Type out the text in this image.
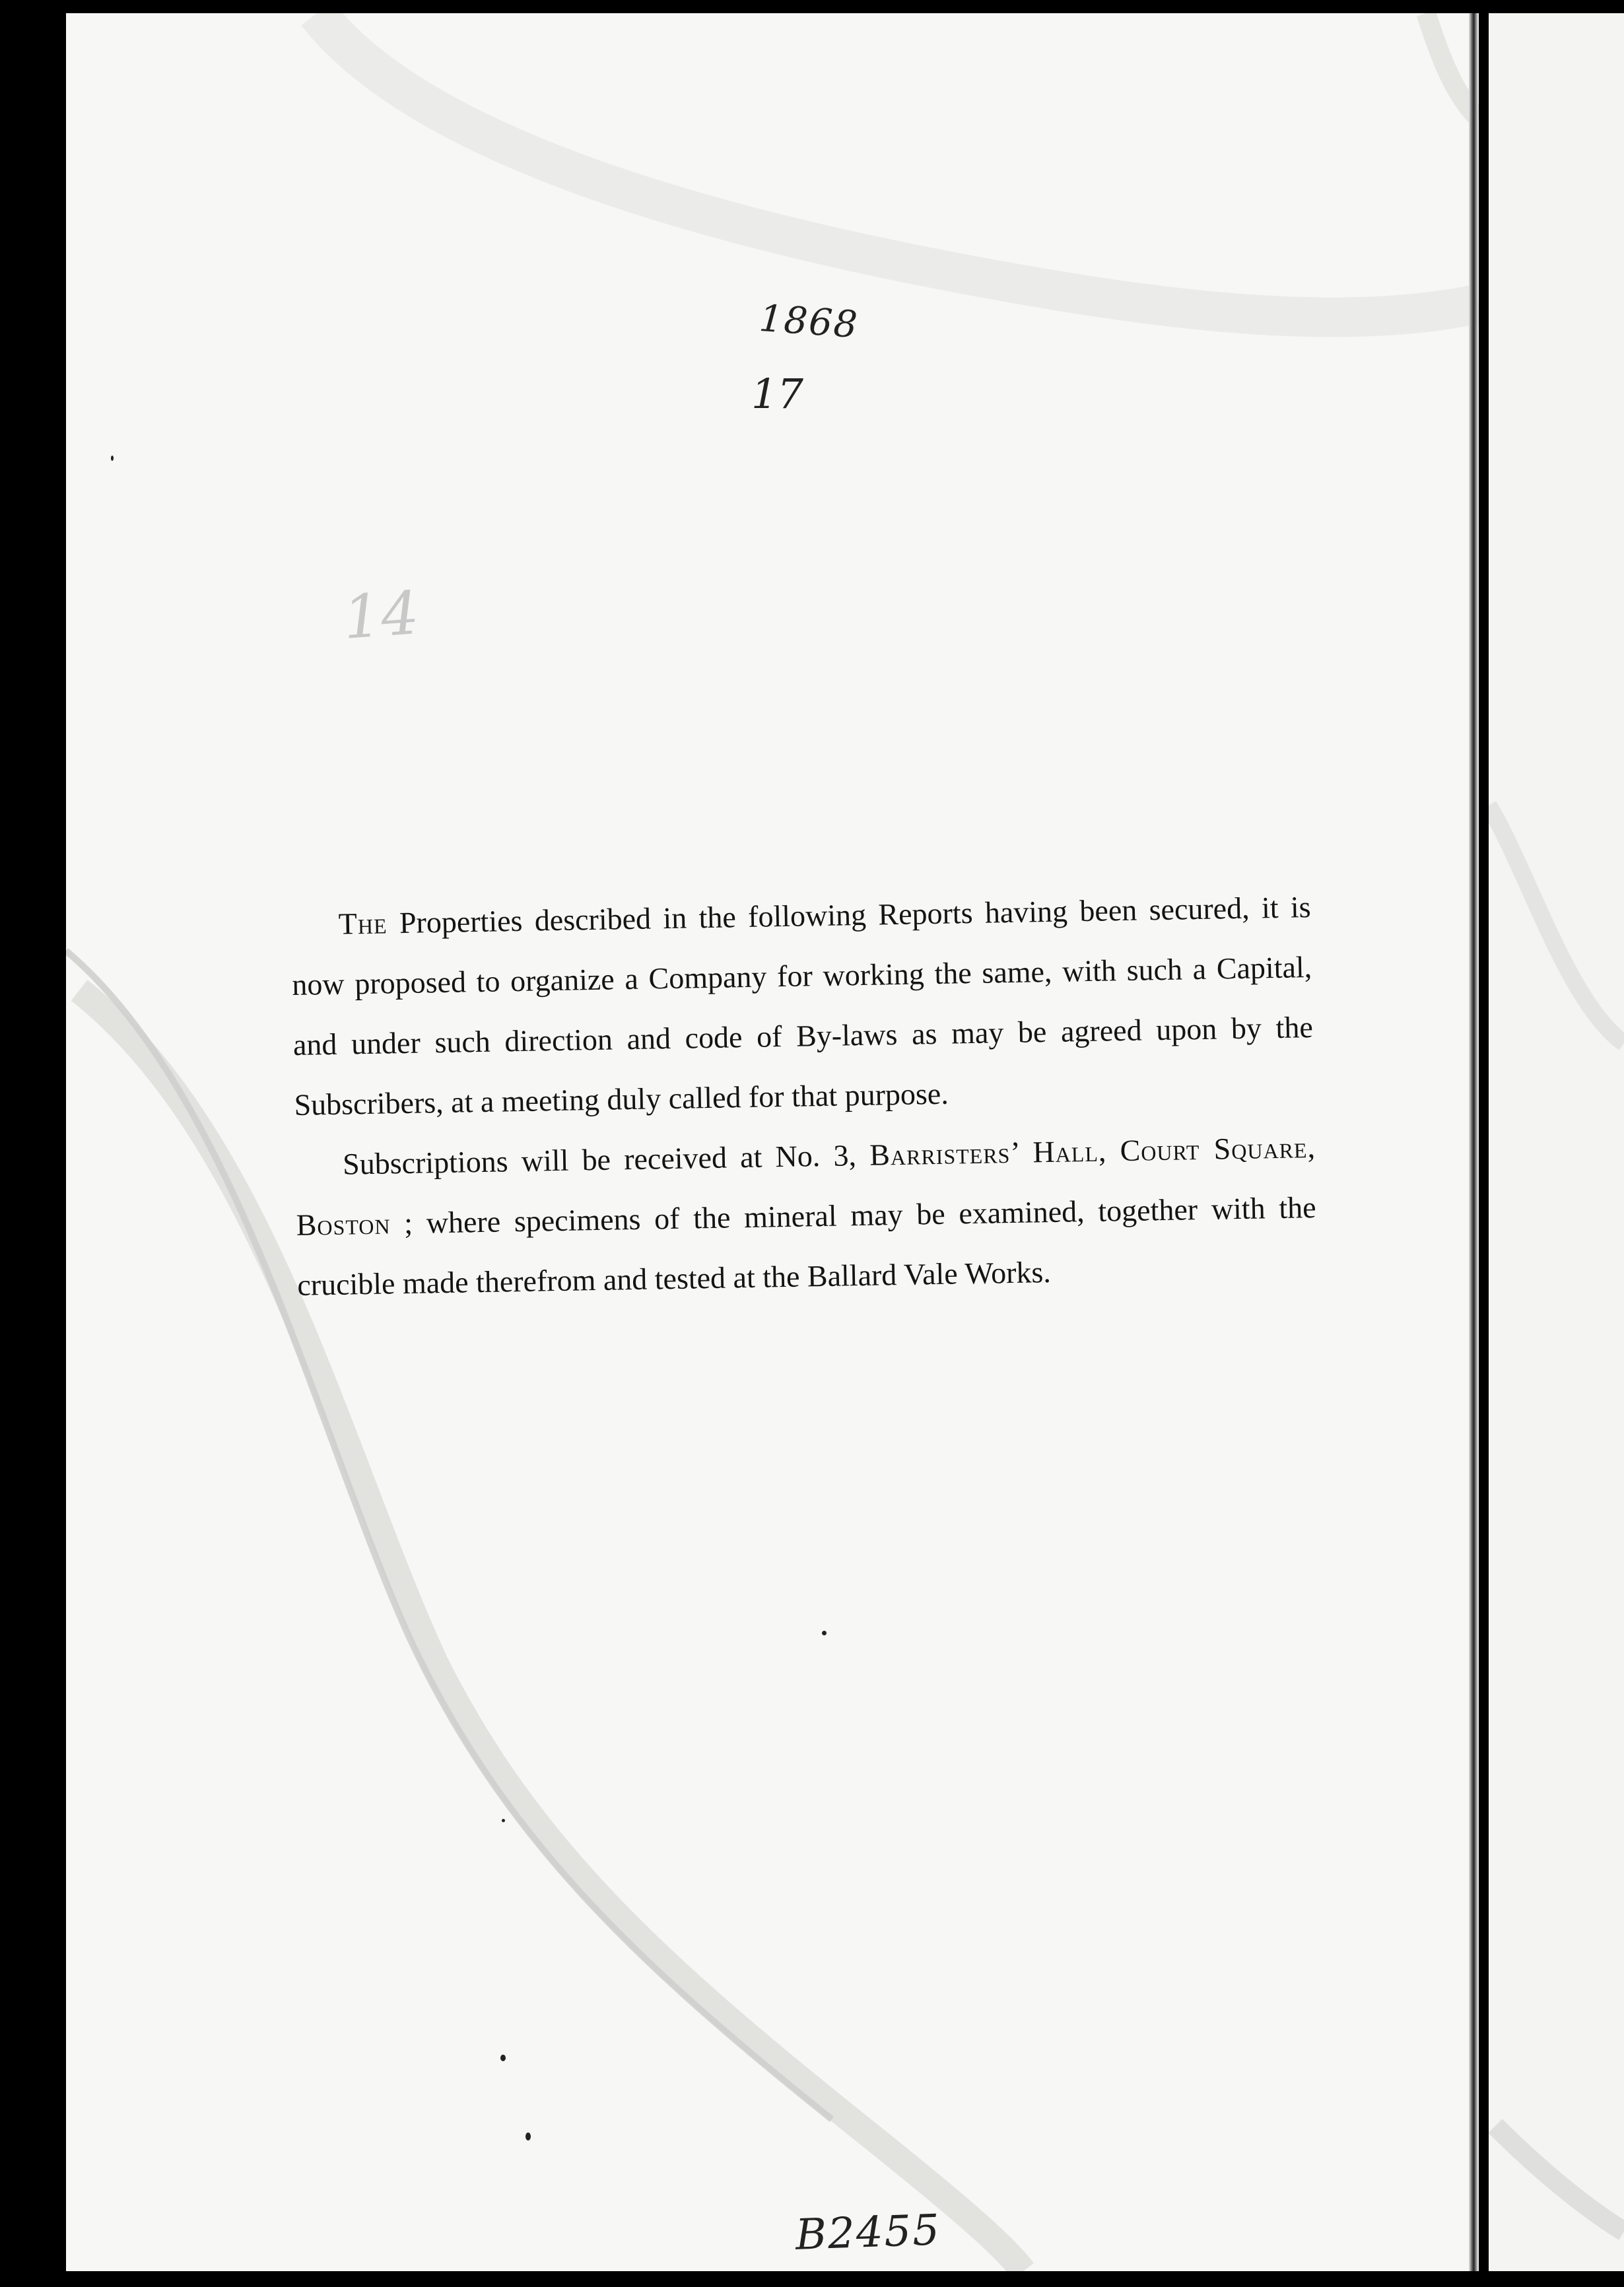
1868
17
14

The Properties described in the following Reports having been secured, it is now proposed to organize a Company for working the same, with such a Capital, and under such direction and code of By-laws as may be agreed upon by the Subscribers, at a meeting duly called for that purpose.

Subscriptions will be received at No. 3, Barristers’ Hall, Court Square, Boston ; where specimens of the mineral may be examined, together with the crucible made therefrom and tested at the Ballard Vale Works.

B2455
